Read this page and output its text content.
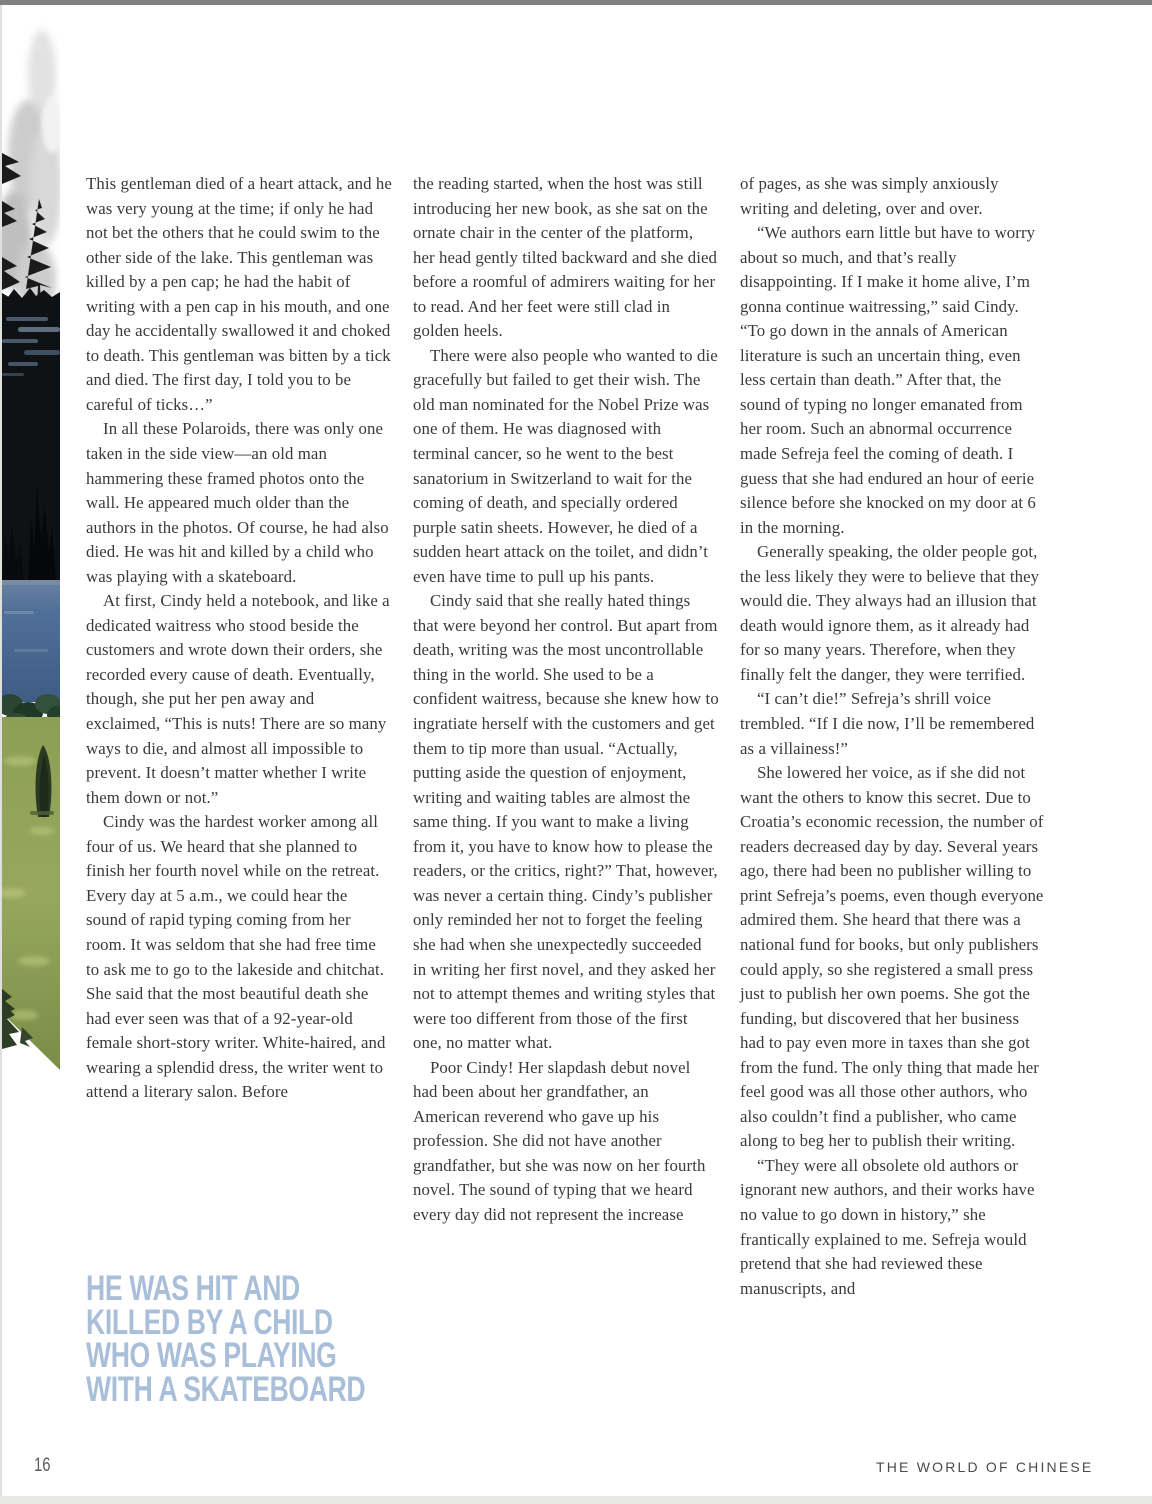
This gentleman died of a heart attack, and he was very young at the time; if only he had not bet the others that he could swim to the other side of the lake. This gentleman was killed by a pen cap; he had the habit of writing with a pen cap in his mouth, and one day he accidentally swallowed it and choked to death. This gentleman was bitten by a tick and died. The first day, I told you to be careful of ticks…”

In all these Polaroids, there was only one taken in the side view—an old man hammering these framed photos onto the wall. He appeared much older than the authors in the photos. Of course, he had also died. He was hit and killed by a child who was playing with a skateboard.

At first, Cindy held a notebook, and like a dedicated waitress who stood beside the customers and wrote down their orders, she recorded every cause of death. Eventually, though, she put her pen away and exclaimed, “This is nuts! There are so many ways to die, and almost all impossible to prevent. It doesn’t matter whether I write them down or not.”

Cindy was the hardest worker among all four of us. We heard that she planned to finish her fourth novel while on the retreat. Every day at 5 a.m., we could hear the sound of rapid typing coming from her room. It was seldom that she had free time to ask me to go to the lakeside and chitchat. She said that the most beautiful death she had ever seen was that of a 92-year-old female short-story writer. White-haired, and wearing a splendid dress, the writer went to attend a literary salon. Before

the reading started, when the host was still introducing her new book, as she sat on the ornate chair in the center of the platform, her head gently tilted backward and she died before a roomful of admirers waiting for her to read. And her feet were still clad in golden heels.

There were also people who wanted to die gracefully but failed to get their wish. The old man nominated for the Nobel Prize was one of them. He was diagnosed with terminal cancer, so he went to the best sanatorium in Switzerland to wait for the coming of death, and specially ordered purple satin sheets. However, he died of a sudden heart attack on the toilet, and didn’t even have time to pull up his pants.

Cindy said that she really hated things that were beyond her control. But apart from death, writing was the most uncontrollable thing in the world. She used to be a confident waitress, because she knew how to ingratiate herself with the customers and get them to tip more than usual. “Actually, putting aside the question of enjoyment, writing and waiting tables are almost the same thing. If you want to make a living from it, you have to know how to please the readers, or the critics, right?” That, however, was never a certain thing. Cindy’s publisher only reminded her not to forget the feeling she had when she unexpectedly succeeded in writing her first novel, and they asked her not to attempt themes and writing styles that were too different from those of the first one, no matter what.

Poor Cindy! Her slapdash debut novel had been about her grandfather, an American reverend who gave up his profession. She did not have another grandfather, but she was now on her fourth novel. The sound of typing that we heard every day did not represent the increase

of pages, as she was simply anxiously writing and deleting, over and over.

“We authors earn little but have to worry about so much, and that’s really disappointing. If I make it home alive, I’m gonna continue waitressing,” said Cindy. “To go down in the annals of American literature is such an uncertain thing, even less certain than death.” After that, the sound of typing no longer emanated from her room. Such an abnormal occurrence made Sefreja feel the coming of death. I guess that she had endured an hour of eerie silence before she knocked on my door at 6 in the morning.

Generally speaking, the older people got, the less likely they were to believe that they would die. They always had an illusion that death would ignore them, as it already had for so many years. Therefore, when they finally felt the danger, they were terrified.

“I can’t die!” Sefreja’s shrill voice trembled. “If I die now, I’ll be remembered as a villainess!”

She lowered her voice, as if she did not want the others to know this secret. Due to Croatia’s economic recession, the number of readers decreased day by day. Several years ago, there had been no publisher willing to print Sefreja’s poems, even though everyone admired them. She heard that there was a national fund for books, but only publishers could apply, so she registered a small press just to publish her own poems. She got the funding, but discovered that her business had to pay even more in taxes than she got from the fund. The only thing that made her feel good was all those other authors, who also couldn’t find a publisher, who came along to beg her to publish their writing.

“They were all obsolete old authors or ignorant new authors, and their works have no value to go down in history,” she frantically explained to me. Sefreja would pretend that she had reviewed these manuscripts, and

HE WAS HIT AND
KILLED BY A CHILD
WHO WAS PLAYING
WITH A SKATEBOARD
16	THE WORLD OF CHINESE
